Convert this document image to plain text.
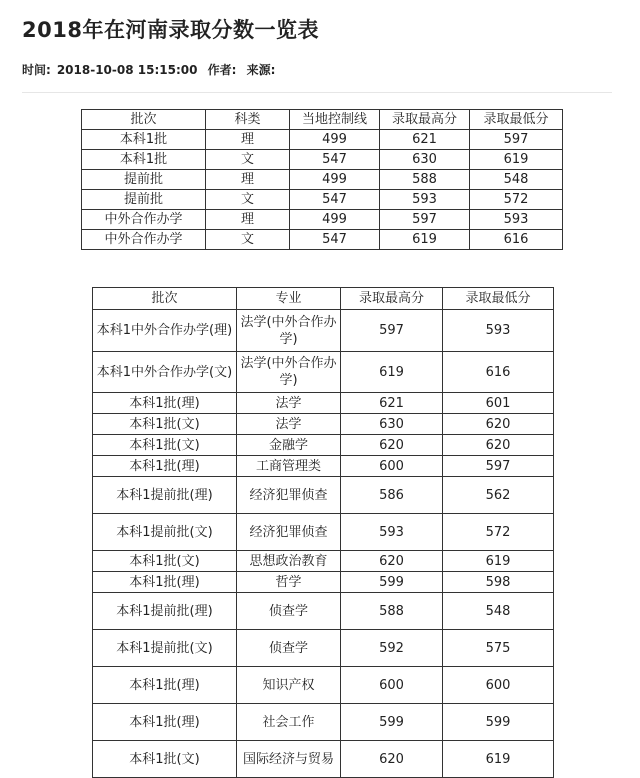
2018年在河南录取分数一览表
时间: 2018-10-08 15:15:00 作者: 来源:
批次	科类	当地控制线	录取最高分	录取最低分
本科1批	理	499	621	597
本科1批	文	547	630	619
提前批	理	499	588	548
提前批	文	547	593	572
中外合作办学	理	499	597	593
中外合作办学	文	547	619	616
批次	专业	录取最高分	录取最低分
本科1中外合作办学(理)	法学(中外合作办学)	597	593
本科1中外合作办学(文)	法学(中外合作办学)	619	616
本科1批(理)	法学	621	601
本科1批(文)	法学	630	620
本科1批(文)	金融学	620	620
本科1批(理)	工商管理类	600	597
本科1提前批(理)	经济犯罪侦查	586	562
本科1提前批(文)	经济犯罪侦查	593	572
本科1批(文)	思想政治教育	620	619
本科1批(理)	哲学	599	598
本科1提前批(理)	侦查学	588	548
本科1提前批(文)	侦查学	592	575
本科1批(理)	知识产权	600	600
本科1批(理)	社会工作	599	599
本科1批(文)	国际经济与贸易	620	619
